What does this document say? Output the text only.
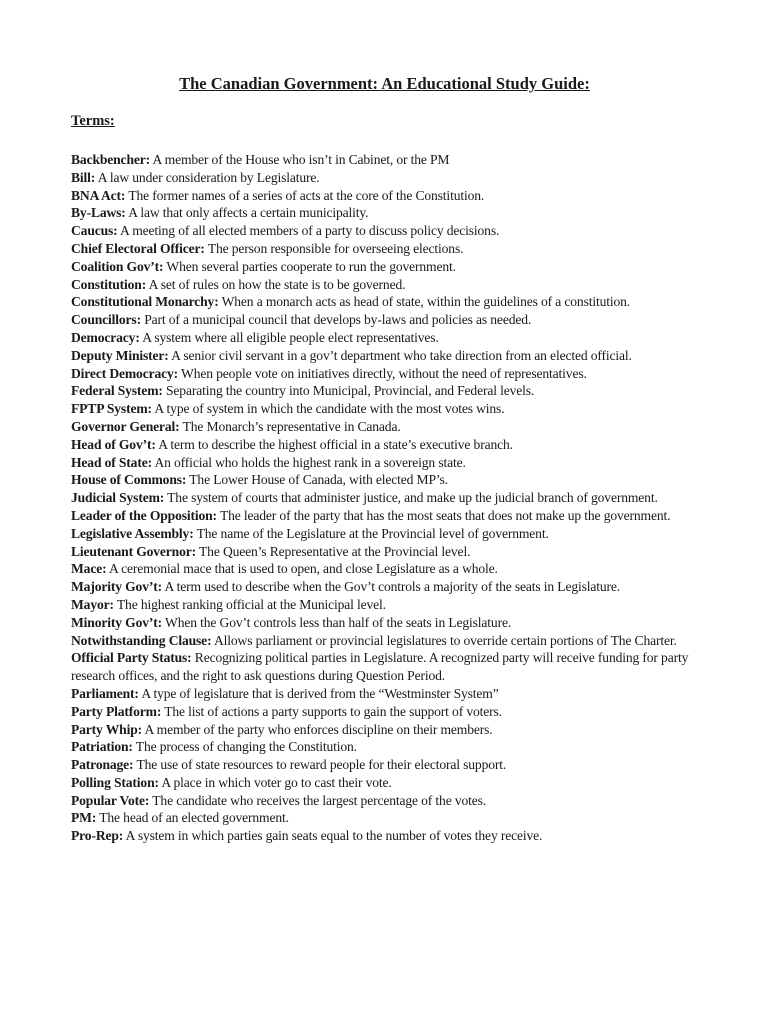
The Canadian Government: An Educational Study Guide:
Terms:
Backbencher: A member of the House who isn’t in Cabinet, or the PM
Bill: A law under consideration by Legislature.
BNA Act: The former names of a series of acts at the core of the Constitution.
By-Laws: A law that only affects a certain municipality.
Caucus: A meeting of all elected members of a party to discuss policy decisions.
Chief Electoral Officer: The person responsible for overseeing elections.
Coalition Gov’t: When several parties cooperate to run the government.
Constitution: A set of rules on how the state is to be governed.
Constitutional Monarchy: When a monarch acts as head of state, within the guidelines of a constitution.
Councillors: Part of a municipal council that develops by-laws and policies as needed.
Democracy: A system where all eligible people elect representatives.
Deputy Minister: A senior civil servant in a gov’t department who take direction from an elected official.
Direct Democracy: When people vote on initiatives directly, without the need of representatives.
Federal System: Separating the country into Municipal, Provincial, and Federal levels.
FPTP System: A type of system in which the candidate with the most votes wins.
Governor General: The Monarch’s representative in Canada.
Head of Gov’t: A term to describe the highest official in a state’s executive branch.
Head of State: An official who holds the highest rank in a sovereign state.
House of Commons: The Lower House of Canada, with elected MP’s.
Judicial System: The system of courts that administer justice, and make up the judicial branch of government.
Leader of the Opposition: The leader of the party that has the most seats that does not make up the government.
Legislative Assembly: The name of the Legislature at the Provincial level of government.
Lieutenant Governor: The Queen’s Representative at the Provincial level.
Mace: A ceremonial mace that is used to open, and close Legislature as a whole.
Majority Gov’t: A term used to describe when the Gov’t controls a majority of the seats in Legislature.
Mayor: The highest ranking official at the Municipal level.
Minority Gov’t: When the Gov’t controls less than half of the seats in Legislature.
Notwithstanding Clause: Allows parliament or provincial legislatures to override certain portions of The Charter.
Official Party Status: Recognizing political parties in Legislature. A recognized party will receive funding for party research offices, and the right to ask questions during Question Period.
Parliament: A type of legislature that is derived from the “Westminster System”
Party Platform: The list of actions a party supports to gain the support of voters.
Party Whip: A member of the party who enforces discipline on their members.
Patriation: The process of changing the Constitution.
Patronage: The use of state resources to reward people for their electoral support.
Polling Station: A place in which voter go to cast their vote.
Popular Vote: The candidate who receives the largest percentage of the votes.
PM: The head of an elected government.
Pro-Rep: A system in which parties gain seats equal to the number of votes they receive.
